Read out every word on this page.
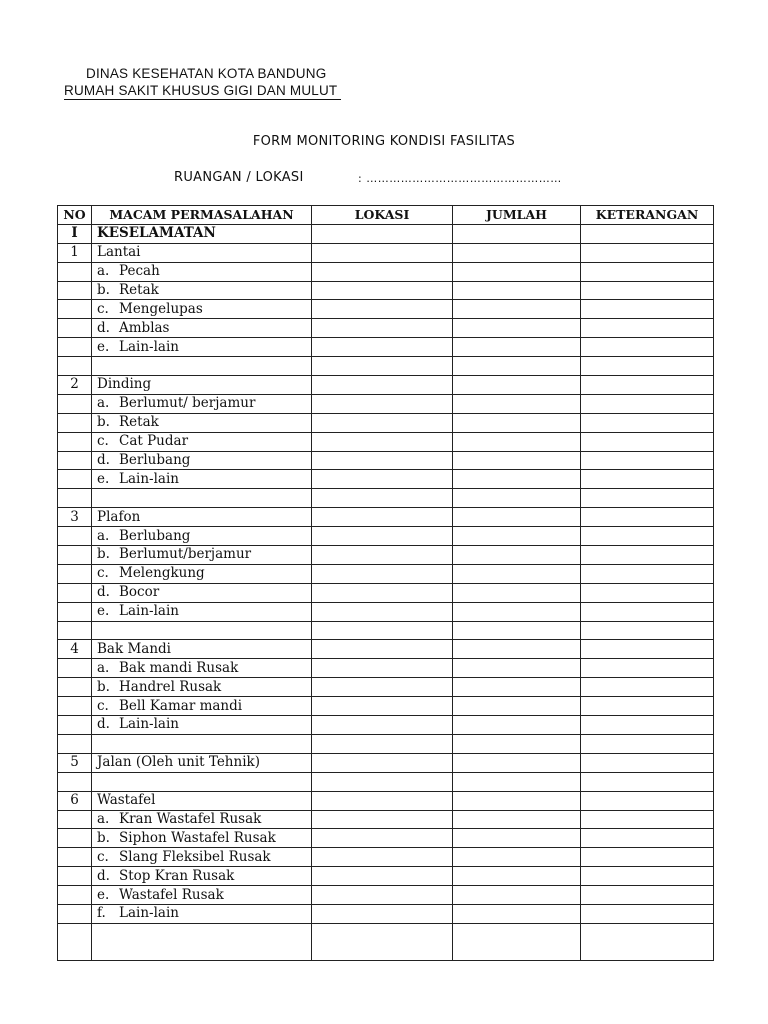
DINAS KESEHATAN KOTA BANDUNG
RUMAH SAKIT KHUSUS GIGI DAN MULUT
FORM MONITORING KONDISI FASILITAS
RUANGAN / LOKASI	: ……………………………………………
NO	MACAM PERMASALAHAN	LOKASI	JUMLAH	KETERANGAN
I	KESELAMATAN			
1	Lantai			
	a. Pecah			
	b. Retak			
	c. Mengelupas			
	d. Amblas			
	e. Lain-lain			

2	Dinding			
	a. Berlumut/ berjamur			
	b. Retak			
	c. Cat Pudar			
	d. Berlubang			
	e. Lain-lain			

3	Plafon			
	a. Berlubang			
	b. Berlumut/berjamur			
	c. Melengkung			
	d. Bocor			
	e. Lain-lain			

4	Bak Mandi			
	a. Bak mandi Rusak			
	b. Handrel Rusak			
	c. Bell Kamar mandi			
	d. Lain-lain			

5	Jalan (Oleh unit Tehnik)			

6	Wastafel			
	a. Kran Wastafel Rusak			
	b. Siphon Wastafel Rusak			
	c. Slang Fleksibel Rusak			
	d. Stop Kran Rusak			
	e. Wastafel Rusak			
	f. Lain-lain			
